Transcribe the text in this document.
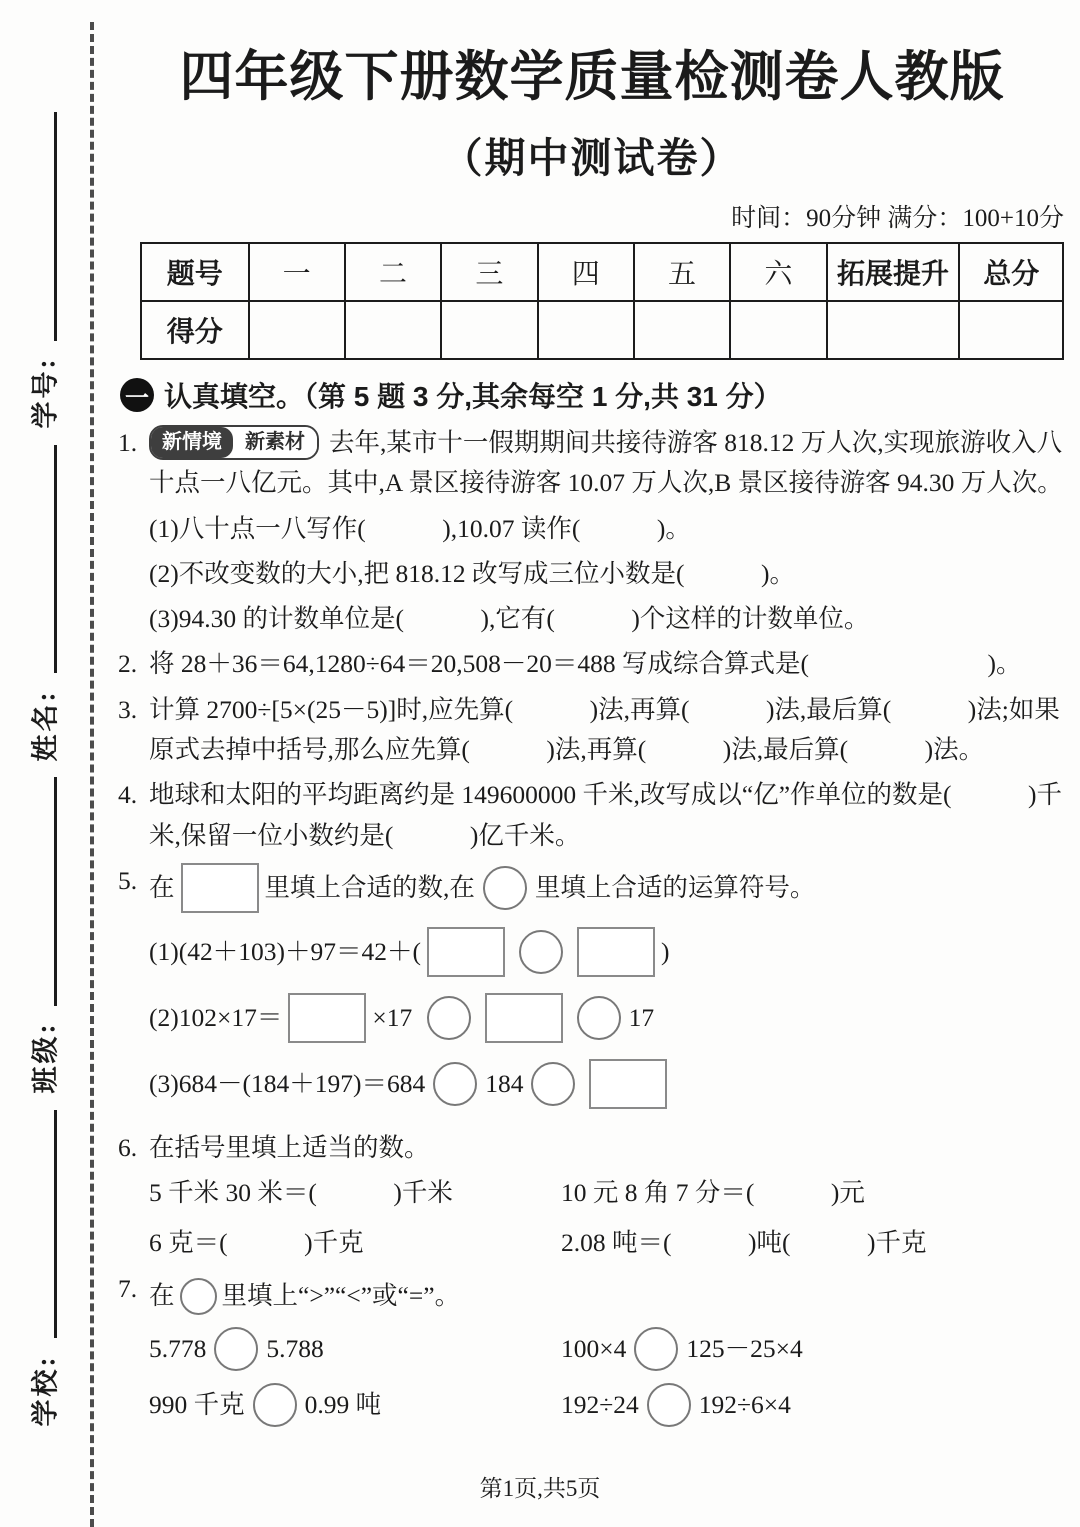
学号:
姓名:
班级:
学校:
四年级下册数学质量检测卷人教版
（期中测试卷）
时间：90分钟 满分：100+10分
题号	一	二	三	四	五	六	拓展提升	总分
得分								
一 认真填空。（第 5 题 3 分,其余每空 1 分,共 31 分）
1.	新情境	新素材 去年,某市十一假期期间共接待游客 818.12 万人次,实现旅游收入八十点一八亿元。其中,A 景区接待游客 10.07 万人次,B 景区接待游客 94.30 万人次。
(1)八十点一八写作(　　　),10.07 读作(　　　)。
(2)不改变数的大小,把 818.12 改写成三位小数是(　　　)。
(3)94.30 的计数单位是(　　　),它有(　　　)个这样的计数单位。
2. 将 28＋36＝64,1280÷64＝20,508－20＝488 写成综合算式是(　　　　　　　)。
3. 计算 2700÷[5×(25－5)]时,应先算(　　　)法,再算(　　　)法,最后算(　　　)法;如果原式去掉中括号,那么应先算(　　　)法,再算(　　　)法,最后算(　　　)法。
4. 地球和太阳的平均距离约是 149600000 千米,改写成以“亿”作单位的数是(　　　)千米,保留一位小数约是(　　　)亿千米。
5. 在	里填上合适的数,在 里填上合适的运算符号。
(1)(42＋103)＋97＝42＋(	)
(2)102×17＝	×17	17
(3)684－(184＋197)＝684 184
6. 在括号里填上适当的数。
5 千米 30 米＝(　　　)千米	10 元 8 角 7 分＝(　　　)元
6 克＝(　　　)千克	2.08 吨＝(　　　)吨(　　　)千克
7. 在 里填上“>”“<”或“=”。
5.778 5.788	100×4 125－25×4
990 千克 0.99 吨	192÷24 192÷6×4
第1页,共5页
